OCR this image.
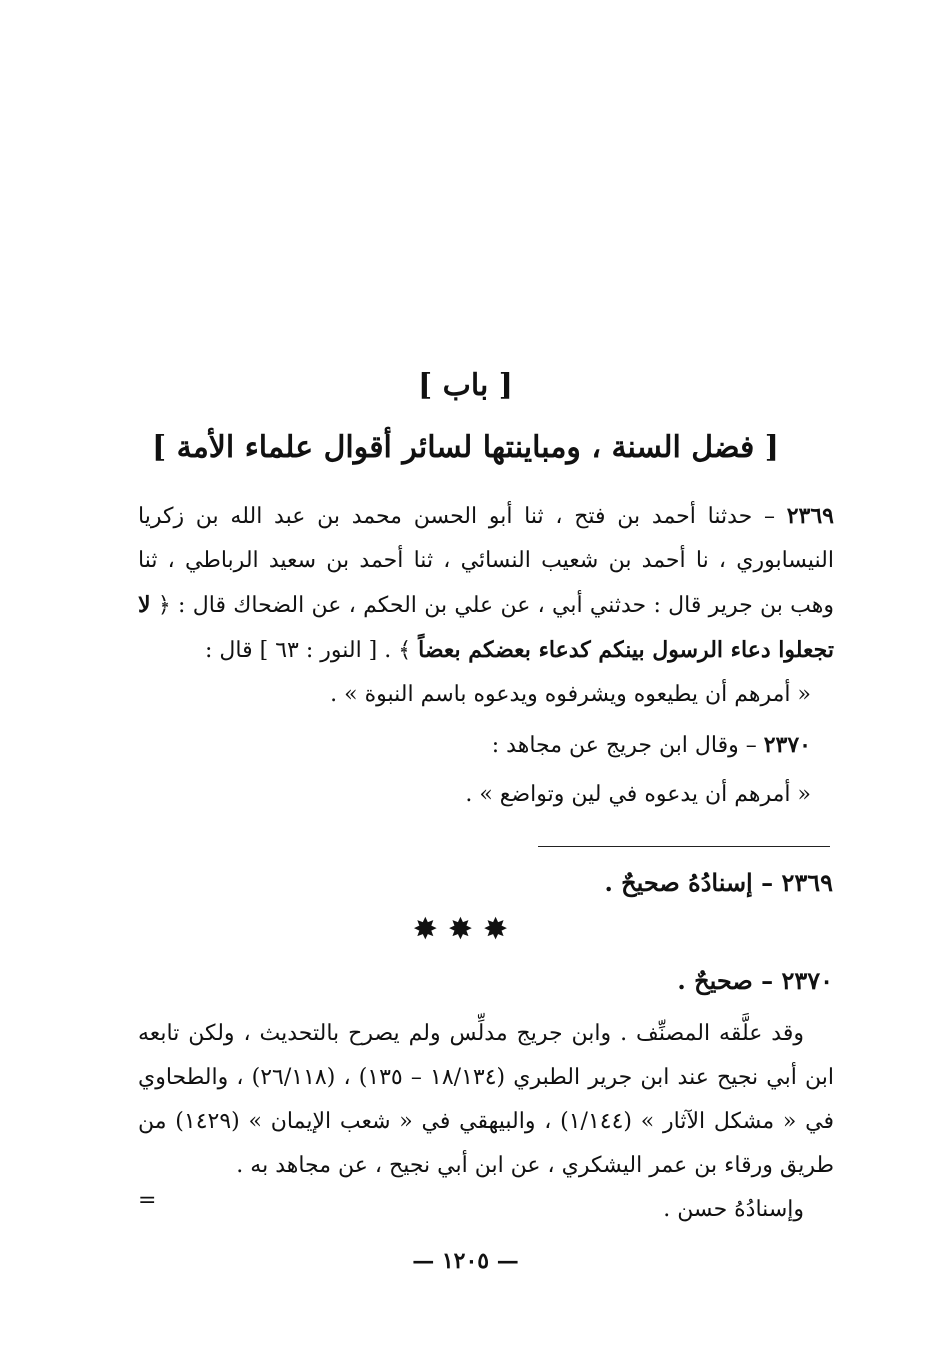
[ باب ]
[ فضل السنة ، ومباينتها لسائر أقوال علماء الأمة ]

٢٣٦٩ – حدثنا أحمد بن فتح ، ثنا أبو الحسن محمد بن عبد الله بن زكريا النيسابوري ، نا أحمد بن شعيب النسائي ، ثنا أحمد بن سعيد الرباطي ، ثنا وهب بن جرير قال : حدثني أبي ، عن علي بن الحكم ، عن الضحاك قال : ﴿ لا تجعلوا دعاء الرسول بينكم كدعاء بعضكم بعضاً ﴾ . [ النور : ٦٣ ] قال :

« أمرهم أن يطيعوه ويشرفوه ويدعوه باسم النبوة » .
٢٣٧٠ – وقال ابن جريج عن مجاهد :
« أمرهم أن يدعوه في لين وتواضع » .
٢٣٦٩ – إسنادُهُ صحيحٌ .
✸✸✸
٢٣٧٠ – صحيحٌ .

وقد علَّقه المصنِّف . وابن جريج مدلِّس ولم يصرح بالتحديث ، ولكن تابعه ابن أبي نجيح عند ابن جرير الطبري (١٨/١٣٤ – ١٣٥) ، (٢٦/١١٨) ، والطحاوي في « مشكل الآثار » (١/١٤٤) ، والبيهقي في « شعب الإيمان » (١٤٢٩) من طريق ورقاء بن عمر اليشكري ، عن ابن أبي نجيح ، عن مجاهد به .

وإسنادُهُ حسن .

=
— ١٢٠٥ —
